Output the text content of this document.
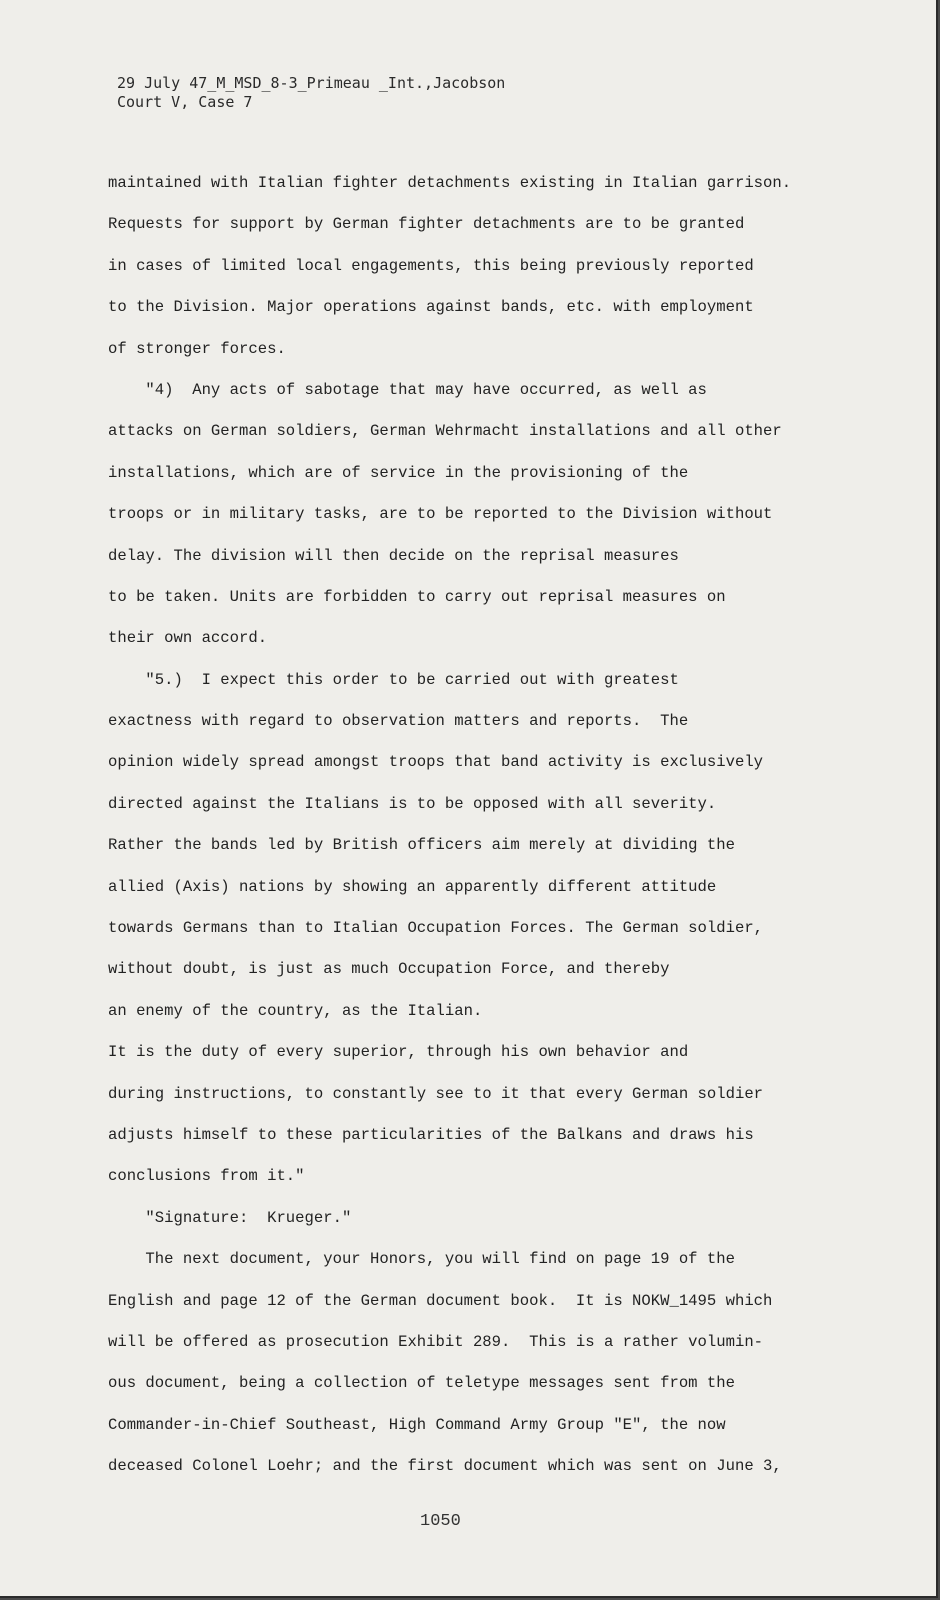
29 July 47_M_MSD_8-3_Primeau _Int.,Jacobson
Court V, Case 7
maintained with Italian fighter detachments existing in Italian garrison.
Requests for support by German fighter detachments are to be granted
in cases of limited local engagements, this being previously reported
to the Division. Major operations against bands, etc. with employment
of stronger forces.
"4)  Any acts of sabotage that may have occurred, as well as
attacks on German soldiers, German Wehrmacht installations and all other
installations, which are of service in the provisioning of the
troops or in military tasks, are to be reported to the Division without
delay. The division will then decide on the reprisal measures
to be taken. Units are forbidden to carry out reprisal measures on
their own accord.
"5.)  I expect this order to be carried out with greatest
exactness with regard to observation matters and reports.  The
opinion widely spread amongst troops that band activity is exclusively
directed against the Italians is to be opposed with all severity.
Rather the bands led by British officers aim merely at dividing the
allied (Axis) nations by showing an apparently different attitude
towards Germans than to Italian Occupation Forces. The German soldier,
without doubt, is just as much Occupation Force, and thereby
an enemy of the country, as the Italian.
It is the duty of every superior, through his own behavior and
during instructions, to constantly see to it that every German soldier
adjusts himself to these particularities of the Balkans and draws his
conclusions from it."
"Signature:  Krueger."
The next document, your Honors, you will find on page 19 of the
English and page 12 of the German document book.  It is NOKW_1495 which
will be offered as prosecution Exhibit 289.  This is a rather volumin-
ous document, being a collection of teletype messages sent from the
Commander-in-Chief Southeast, High Command Army Group "E", the now
deceased Colonel Loehr; and the first document which was sent on June 3,
1050
